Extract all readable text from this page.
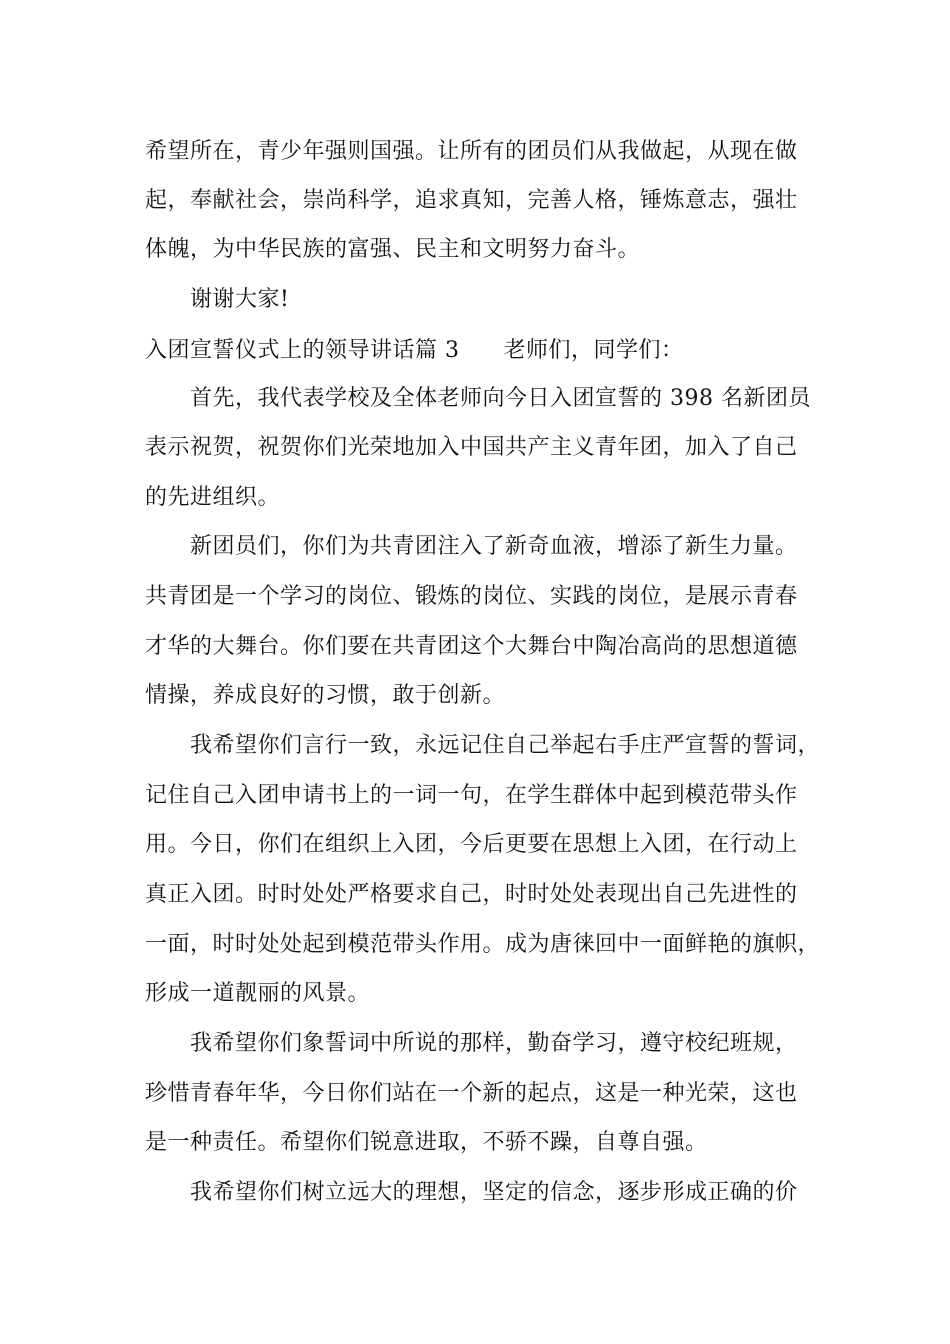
希望所在，青少年强则国强。让所有的团员们从我做起，从现在做
起，奉献社会，崇尚科学，追求真知，完善人格，锤炼意志，强壮
体魄，为中华民族的富强、民主和文明努力奋斗。
谢谢大家!
入团宣誓仪式上的领导讲话篇 3 老师们，同学们：
首先，我代表学校及全体老师向今日入团宣誓的 398 名新团员
表示祝贺，祝贺你们光荣地加入中国共产主义青年团，加入了自己
的先进组织。
新团员们，你们为共青团注入了新奇血液，增添了新生力量。
共青团是一个学习的岗位、锻炼的岗位、实践的岗位，是展示青春
才华的大舞台。你们要在共青团这个大舞台中陶冶高尚的思想道德
情操，养成良好的习惯，敢于创新。
我希望你们言行一致，永远记住自己举起右手庄严宣誓的誓词，
记住自己入团申请书上的一词一句，在学生群体中起到模范带头作
用。今日，你们在组织上入团，今后更要在思想上入团，在行动上
真正入团。时时处处严格要求自己，时时处处表现出自己先进性的
一面，时时处处起到模范带头作用。成为唐徕回中一面鲜艳的旗帜，
形成一道靓丽的风景。
我希望你们象誓词中所说的那样，勤奋学习，遵守校纪班规，
珍惜青春年华，今日你们站在一个新的起点，这是一种光荣，这也
是一种责任。希望你们锐意进取，不骄不躁，自尊自强。
我希望你们树立远大的理想，坚定的信念，逐步形成正确的价
